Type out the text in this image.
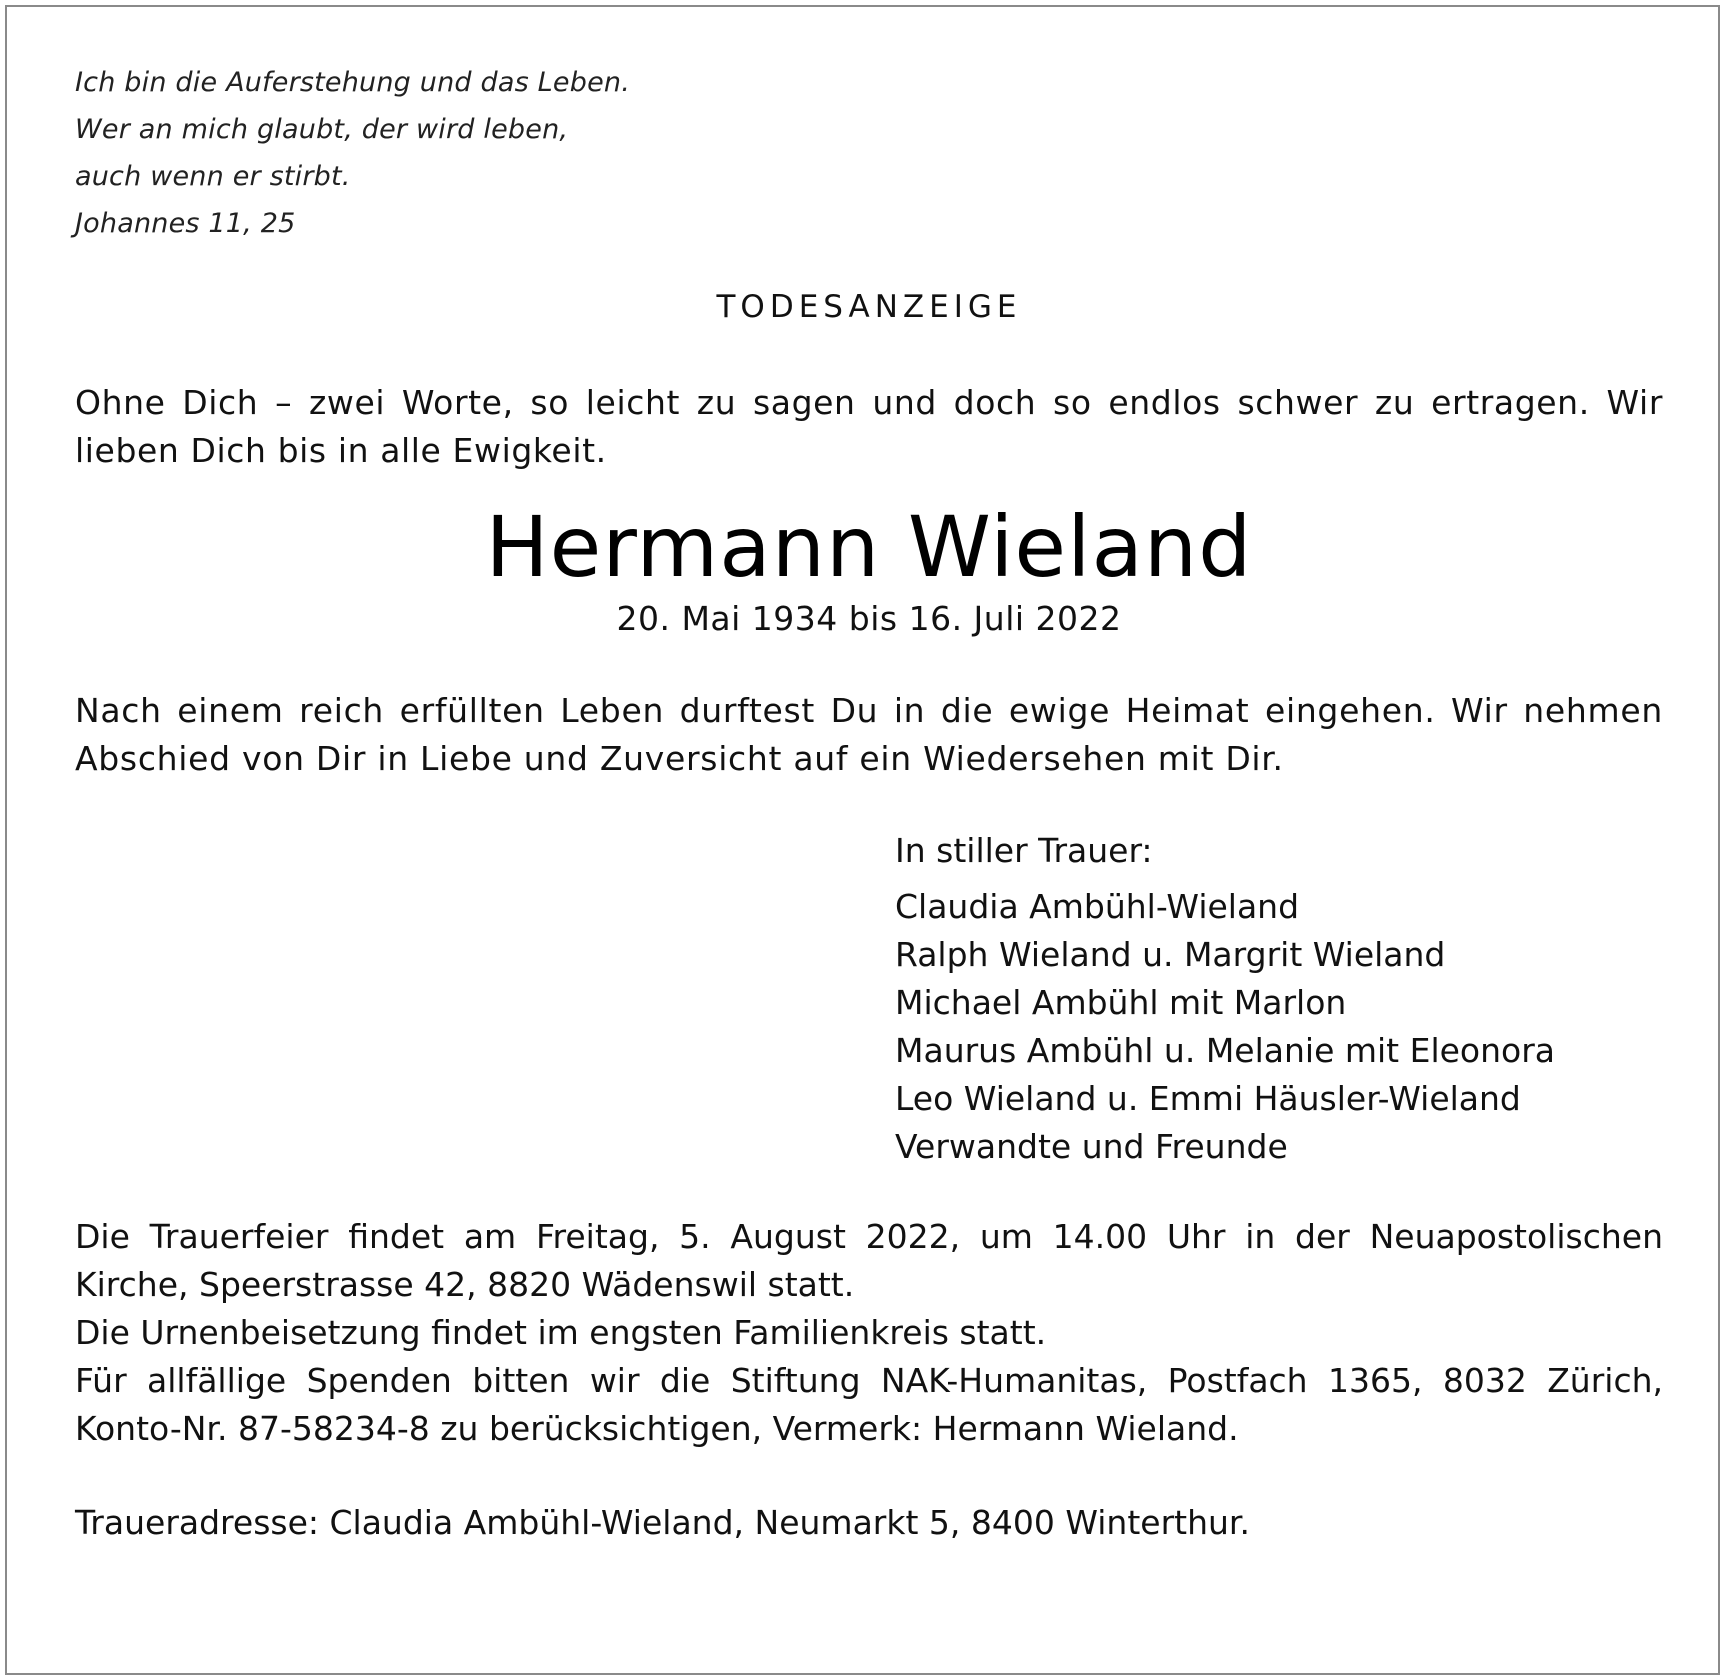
Ich bin die Auferstehung und das Leben.
Wer an mich glaubt, der wird leben,
auch wenn er stirbt.
Johannes 11, 25
TODESANZEIGE
Ohne Dich – zwei Worte, so leicht zu sagen und doch so endlos schwer zu ertragen. Wir lieben Dich bis in alle Ewigkeit.
Hermann Wieland
20. Mai 1934 bis 16. Juli 2022
Nach einem reich erfüllten Leben durftest Du in die ewige Heimat eingehen. Wir nehmen Abschied von Dir in Liebe und Zuversicht auf ein Wiedersehen mit Dir.
In stiller Trauer:
Claudia Ambühl-Wieland
Ralph Wieland u. Margrit Wieland
Michael Ambühl mit Marlon
Maurus Ambühl u. Melanie mit Eleonora
Leo Wieland u. Emmi Häusler-Wieland
Verwandte und Freunde

Die Trauerfeier findet am Freitag, 5. August 2022, um 14.00 Uhr in der Neuapostolischen Kirche, Speerstrasse 42, 8820 Wädenswil statt.

Die Urnenbeisetzung findet im engsten Familienkreis statt.

Für allfällige Spenden bitten wir die Stiftung NAK-Humanitas, Postfach 1365, 8032 Zürich, Konto-Nr. 87-58234-8 zu berücksichtigen, Vermerk: Hermann Wieland.

Traueradresse: Claudia Ambühl-Wieland, Neumarkt 5, 8400 Winterthur.
